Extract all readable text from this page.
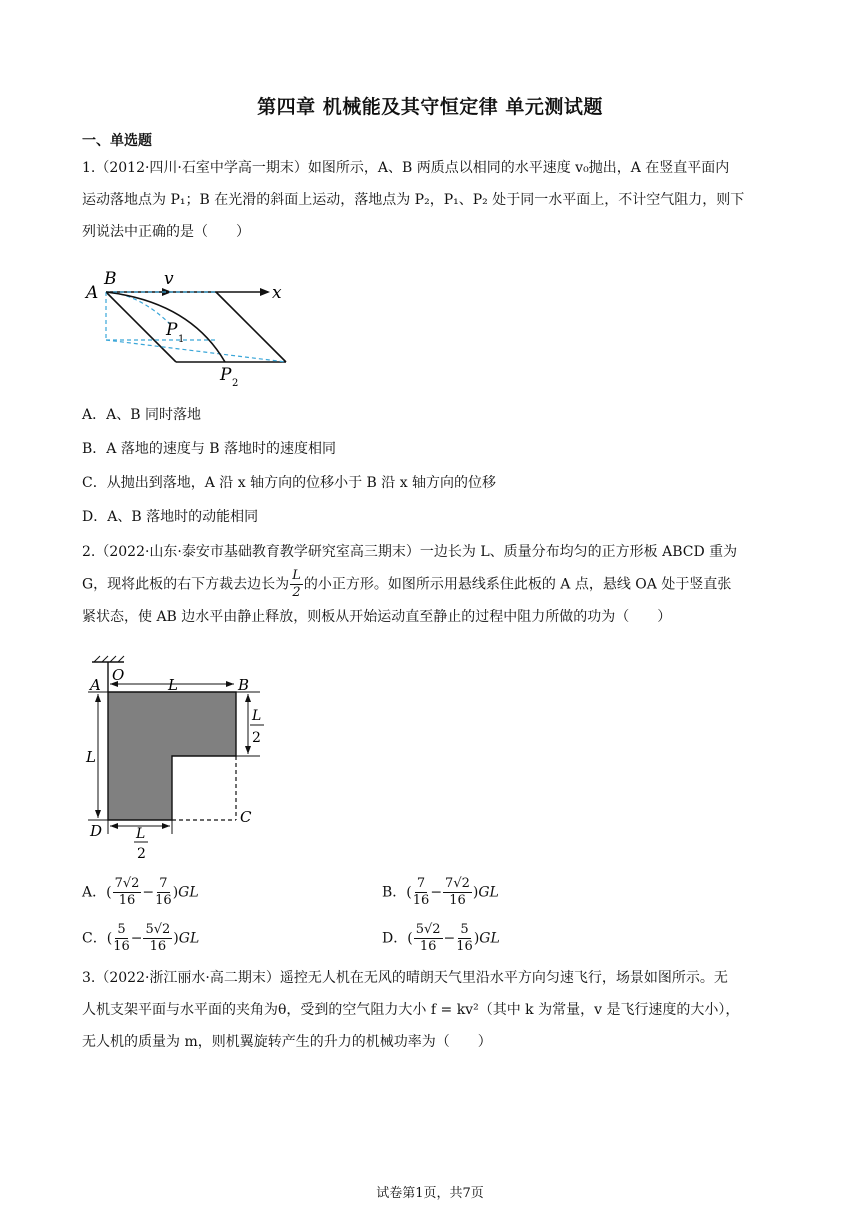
第四章 机械能及其守恒定律 单元测试题
一、单选题
1.（2012·四川·石室中学高一期末）如图所示，A、B 两质点以相同的水平速度 v₀抛出，A 在竖直平面内
运动落地点为 P₁；B 在光滑的斜面上运动，落地点为 P₂，P₁、P₂ 处于同一水平面上，不计空气阻力，则下
列说法中正确的是（　　）
A
B	v
x
P 1
P 2
A．A、B 同时落地
B．A 落地的速度与 B 落地时的速度相同
C．从抛出到落地，A 沿 x 轴方向的位移小于 B 沿 x 轴方向的位移
D．A、B 落地时的动能相同
2.（2022·山东·泰安市基础教育教学研究室高三期末）一边长为 L、质量分布均匀的正方形板 ABCD 重为
G，现将此板的右下方裁去边长为 $\frac{L}{2}$ 的小正方形。如图所示用悬线系住此板的 A 点，悬线 OA 处于竖直张
紧状态，使 AB 边水平由静止释放，则板从开始运动直至静止的过程中阻力所做的功为（　　）
O
A	B
C
D
L
L
L
2
L
2
A．( $\frac{7√2}{16} - \frac{7}{16} )GL$	B．( $\frac{7}{16} - \frac{7√2}{16} )GL$
C．( $\frac{5}{16} - \frac{5√2}{16} )GL$	D．( $\frac{5√2}{16} - \frac{5}{16} )GL$
3.（2022·浙江丽水·高二期末）遥控无人机在无风的晴朗天气里沿水平方向匀速飞行，场景如图所示。无
人机支架平面与水平面的夹角为θ，受到的空气阻力大小 f = kv²（其中 k 为常量，v 是飞行速度的大小），
无人机的质量为 m，则机翼旋转产生的升力的机械功率为（　　）
试卷第1页，共7页
